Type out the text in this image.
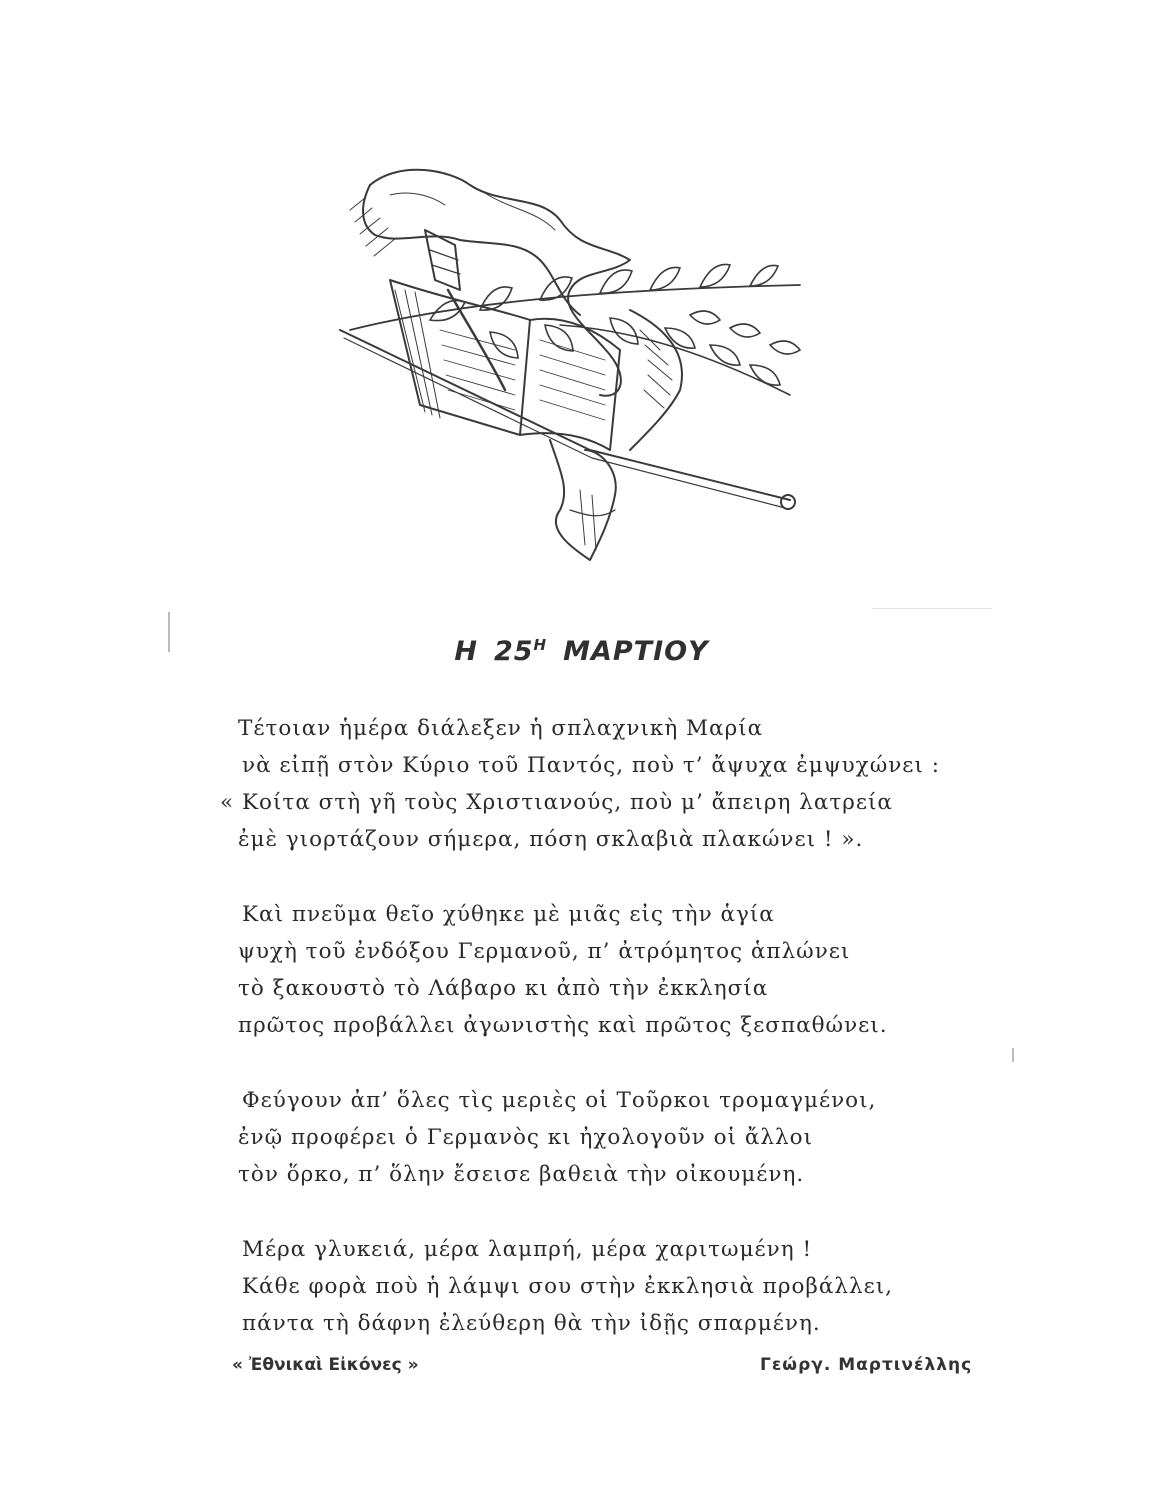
Η $25^H$ ΜΑΡΤΙΟΥ
Τέτοιαν ἡμέρα διάλεξεν ἡ σπλαχνικὴ Μαρία
νὰ εἰπῇ στὸν Κύριο τοῦ Παντός, ποὺ τ’ ἄψυχα ἐμψυχώνει :
« Κοίτα στὴ γῆ τοὺς Χριστιανούς, ποὺ μ’ ἄπειρη λατρεία
ἐμὲ γιορτάζουν σήμερα, πόση σκλαβιὰ πλακώνει ! ».
Καὶ πνεῦμα θεῖο χύθηκε μὲ μιᾶς εἰς τὴν ἁγία
ψυχὴ τοῦ ἐνδόξου Γερμανοῦ, π’ ἀτρόμητος ἁπλώνει
τὸ ξακουστὸ τὸ Λάβαρο κι ἀπὸ τὴν ἐκκλησία
πρῶτος προβάλλει ἀγωνιστὴς καὶ πρῶτος ξεσπαθώνει.
Φεύγουν ἀπ’ ὅλες τὶς μεριὲς οἱ Τοῦρκοι τρομαγμένοι,
ἐνῷ προφέρει ὁ Γερμανὸς κι ἠχολογοῦν οἱ ἄλλοι
τὸν ὅρκο, π’ ὅλην ἔσεισε βαθειὰ τὴν οἰκουμένη.
Μέρα γλυκειά, μέρα λαμπρή, μέρα χαριτωμένη !
Κάθε φορὰ ποὺ ἡ λάμψι σου στὴν ἐκκλησιὰ προβάλλει,
πάντα τὴ δάφνη ἐλεύθερη θὰ τὴν ἰδῇς σπαρμένη.
« Ἐθνικαὶ Εἰκόνες »	Γεώργ. Μαρτινέλλης
